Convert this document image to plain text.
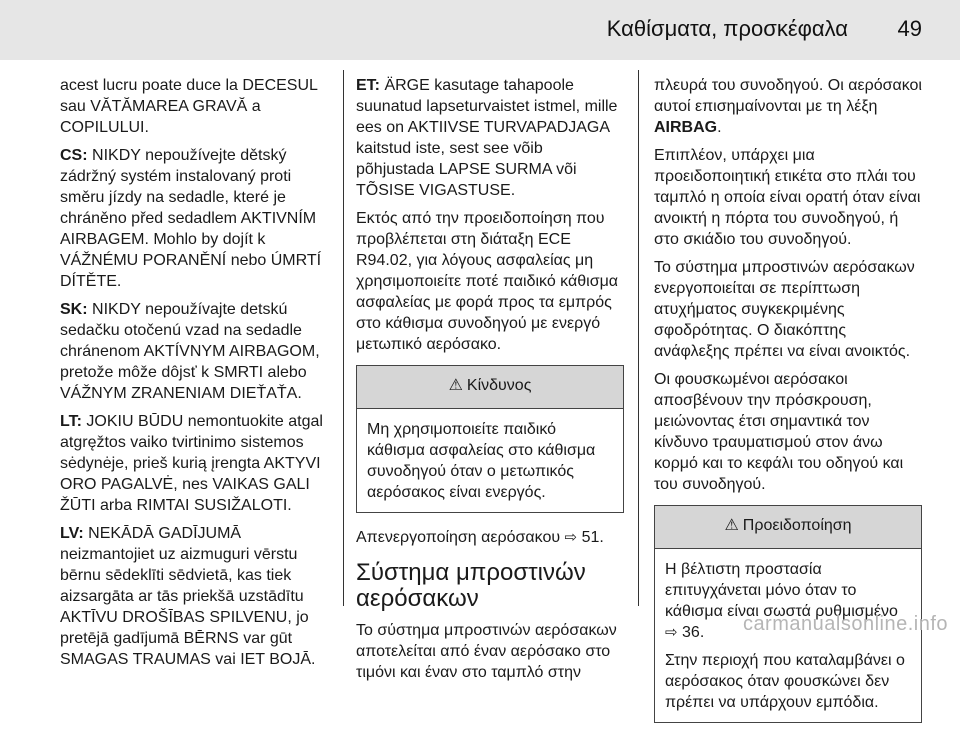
Καθίσματα, προσκέφαλα 49

acest lucru poate duce la DECESUL sau VĂTĂMAREA GRAVĂ a COPILULUI.

CS: NIKDY nepoužívejte dětský zádržný systém instalovaný proti směru jízdy na sedadle, které je chráněno před sedadlem AKTIVNÍM AIRBAGEM. Mohlo by dojít k VÁŽNÉMU PORANĚNÍ nebo ÚMRTÍ DÍTĚTE.

SK: NIKDY nepoužívajte detskú sedačku otočenú vzad na sedadle chránenom AKTÍVNYM AIRBAGOM, pretože môže dôjsť k SMRTI alebo VÁŽNYM ZRANENIAM DIEŤAŤA.

LT: JOKIU BŪDU nemontuokite atgal atgręžtos vaiko tvirtinimo sistemos sėdynėje, prieš kurią įrengta AKTYVI ORO PAGALVĖ, nes VAIKAS GALI ŽŪTI arba RIMTAI SUSIŽALOTI.

LV: NEKĀDĀ GADĪJUMĀ neizmantojiet uz aizmuguri vērstu bērnu sēdeklīti sēdvietā, kas tiek aizsargāta ar tās priekšā uzstādītu AKTĪVU DROŠĪBAS SPILVENU, jo pretējā gadījumā BĒRNS var gūt SMAGAS TRAUMAS vai IET BOJĀ.

ET: ÄRGE kasutage tahapoole suunatud lapseturvaistet istmel, mille ees on AKTIIVSE TURVAPADJAGA kaitstud iste, sest see võib põhjustada LAPSE SURMA või TÕSISE VIGASTUSE.

Εκτός από την προειδοποίηση που προβλέπεται στη διάταξη ECE R94.02, για λόγους ασφαλείας μη χρησιμοποιείτε ποτέ παιδικό κάθισμα ασφαλείας με φορά προς τα εμπρός στο κάθισμα συνοδηγού με ενεργό μετωπικό αερόσακο.

⚠ Κίνδυνος

Μη χρησιμοποιείτε παιδικό κάθισμα ασφαλείας στο κάθισμα συνοδηγού όταν ο μετωπικός αερόσακος είναι ενεργός.

Απενεργοποίηση αερόσακου ⇨ 51.

Σύστημα μπροστινών αερόσακων

Το σύστημα μπροστινών αερόσακων αποτελείται από έναν αερόσακο στο τιμόνι και έναν στο ταμπλό στην

πλευρά του συνοδηγού. Οι αερόσακοι αυτοί επισημαίνονται με τη λέξη AIRBAG.

Επιπλέον, υπάρχει μια προειδοποιητική ετικέτα στο πλάι του ταμπλό η οποία είναι ορατή όταν είναι ανοικτή η πόρτα του συνοδηγού, ή στο σκιάδιο του συνοδηγού.

Το σύστημα μπροστινών αερόσακων ενεργοποιείται σε περίπτωση ατυχήματος συγκεκριμένης σφοδρότητας. Ο διακόπτης ανάφλεξης πρέπει να είναι ανοικτός.

Οι φουσκωμένοι αερόσακοι αποσβένουν την πρόσκρουση, μειώνοντας έτσι σημαντικά τον κίνδυνο τραυματισμού στον άνω κορμό και το κεφάλι του οδηγού και του συνοδηγού.

⚠ Προειδοποίηση

Η βέλτιστη προστασία επιτυγχάνεται μόνο όταν το κάθισμα είναι σωστά ρυθμισμένο ⇨ 36.

Στην περιοχή που καταλαμβάνει ο αερόσακος όταν φουσκώνει δεν πρέπει να υπάρχουν εμπόδια.

carmanualsonline.info
